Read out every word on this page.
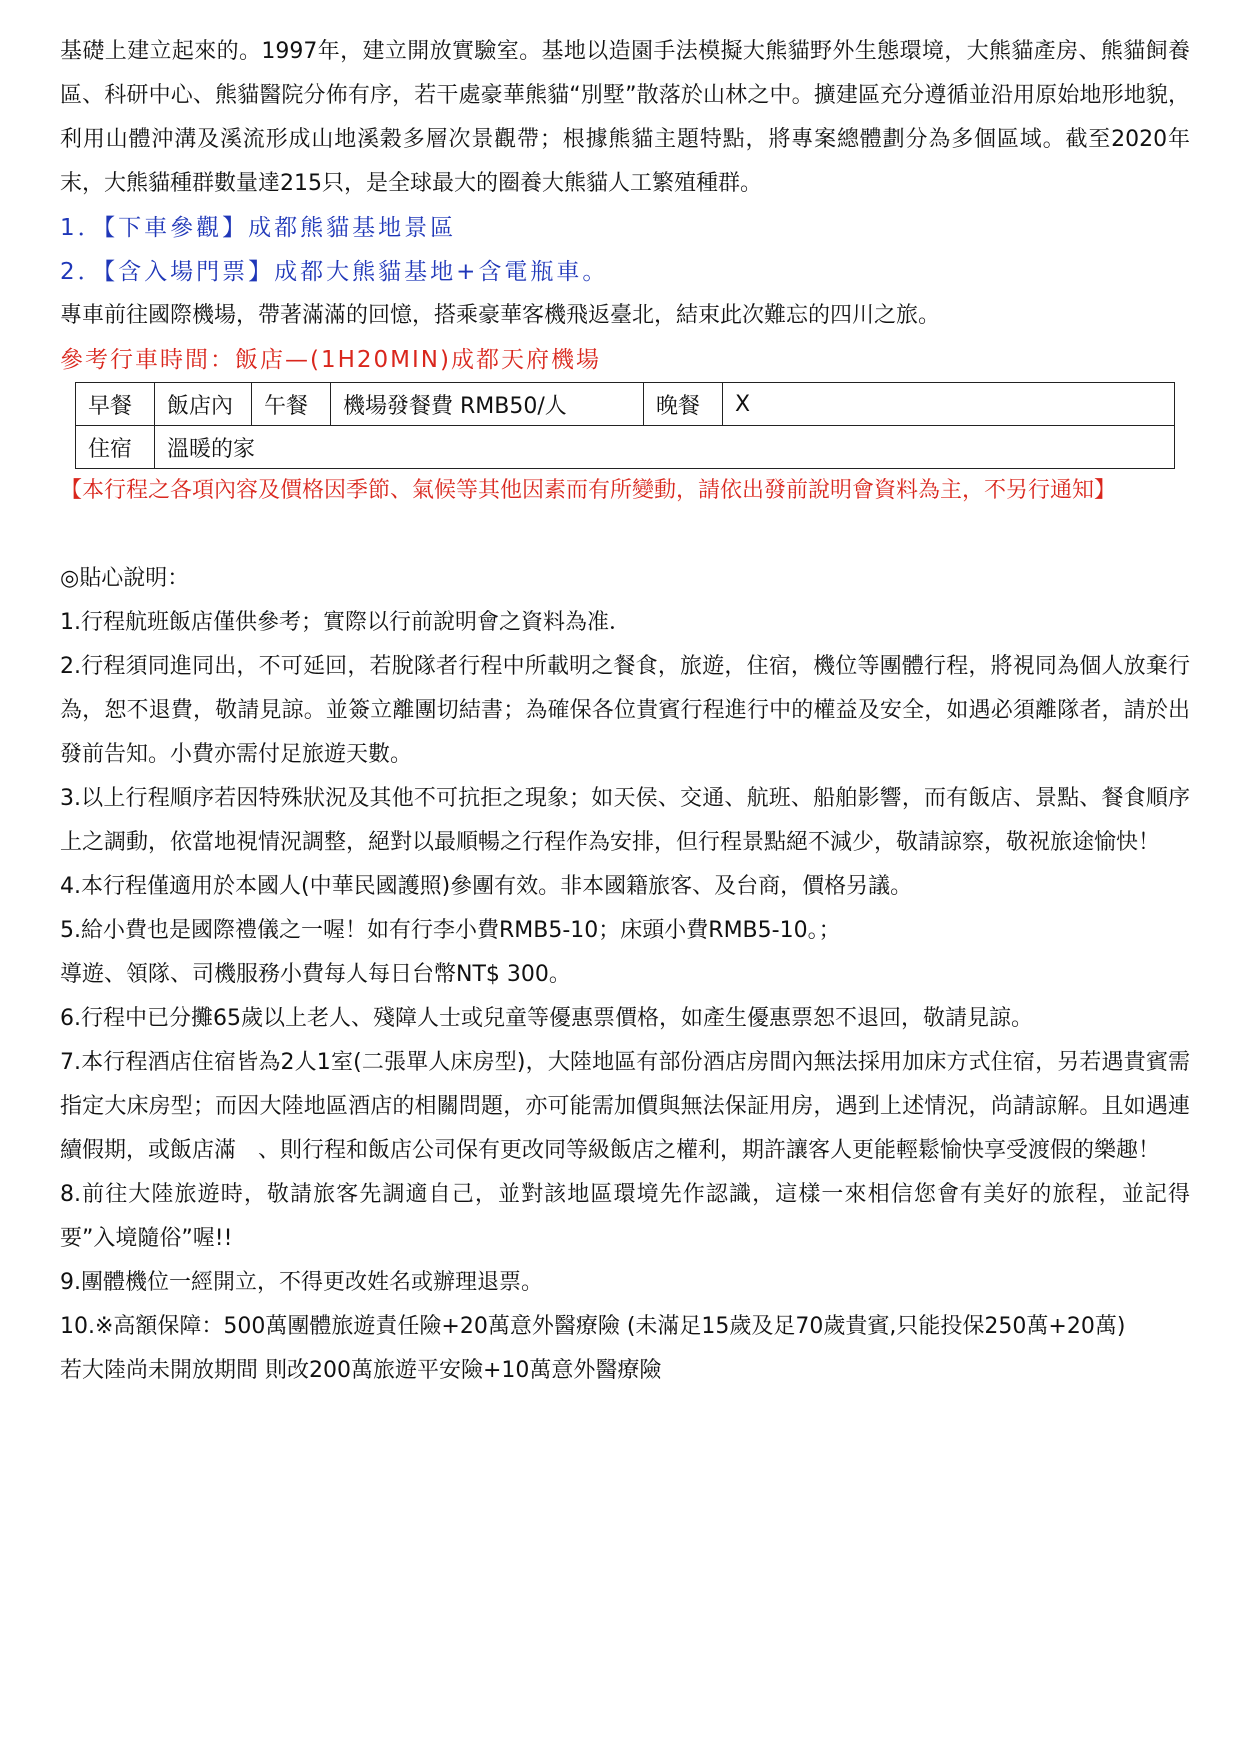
基礎上建立起來的。1997年，建立開放實驗室。基地以造園手法模擬大熊貓野外生態環境，大熊貓產房、熊貓飼養區、科研中心、熊貓醫院分佈有序，若干處豪華熊貓“別墅”散落於山林之中。擴建區充分遵循並沿用原始地形地貌，利用山體沖溝及溪流形成山地溪穀多層次景觀帶；根據熊貓主題特點，將專案總體劃分為多個區域。截至2020年末，大熊貓種群數量達215只，是全球最大的圈養大熊貓人工繁殖種群。

1．【下車參觀】成都熊貓基地景區

2．【含入場門票】成都大熊貓基地+含電瓶車。

專車前往國際機場，帶著滿滿的回憶，搭乘豪華客機飛返臺北，結束此次難忘的四川之旅。

參考行車時間：飯店—(1H20MIN)成都天府機場

早餐	飯店內	午餐	機場發餐費 RMB50/人	晚餐	X
住宿	溫暖的家				

【本行程之各項內容及價格因季節、氣候等其他因素而有所變動，請依出發前說明會資料為主，不另行通知】

◎貼心說明：

1.行程航班飯店僅供參考；實際以行前說明會之資料為准．

2.行程須同進同出，不可延回，若脫隊者行程中所載明之餐食，旅遊，住宿，機位等團體行程，將視同為個人放棄行為，恕不退費，敬請見諒。並簽立離團切結書；為確保各位貴賓行程進行中的權益及安全，如遇必須離隊者，請於出發前告知。小費亦需付足旅遊天數。

3.以上行程順序若因特殊狀況及其他不可抗拒之現象；如天侯、交通、航班、船舶影響，而有飯店、景點、餐食順序上之調動，依當地視情況調整，絕對以最順暢之行程作為安排，但行程景點絕不減少，敬請諒察，敬祝旅途愉快！

4.本行程僅適用於本國人(中華民國護照)參團有效。非本國籍旅客、及台商，價格另議。

5.給小費也是國際禮儀之一喔！如有行李小費RMB5-10；床頭小費RMB5-10。；

導遊、領隊、司機服務小費每人每日台幣NT$ 300。

6.行程中已分攤65歲以上老人、殘障人士或兒童等優惠票價格，如產生優惠票恕不退回，敬請見諒。

7.本行程酒店住宿皆為2人1室(二張單人床房型)，大陸地區有部份酒店房間內無法採用加床方式住宿，另若遇貴賓需指定大床房型；而因大陸地區酒店的相關問題，亦可能需加價與無法保証用房，遇到上述情況，尚請諒解。且如遇連續假期，或飯店滿　、則行程和飯店公司保有更改同等級飯店之權利，期許讓客人更能輕鬆愉快享受渡假的樂趣！

8.前往大陸旅遊時，敬請旅客先調適自己，並對該地區環境先作認識，這樣一來相信您會有美好的旅程，並記得要”入境隨俗”喔!!

9.團體機位一經開立，不得更改姓名或辦理退票。

10.※高額保障：500萬團體旅遊責任險+20萬意外醫療險 (未滿足15歲及足70歲貴賓,只能投保250萬+20萬)

若大陸尚未開放期間 則改200萬旅遊平安險+10萬意外醫療險
